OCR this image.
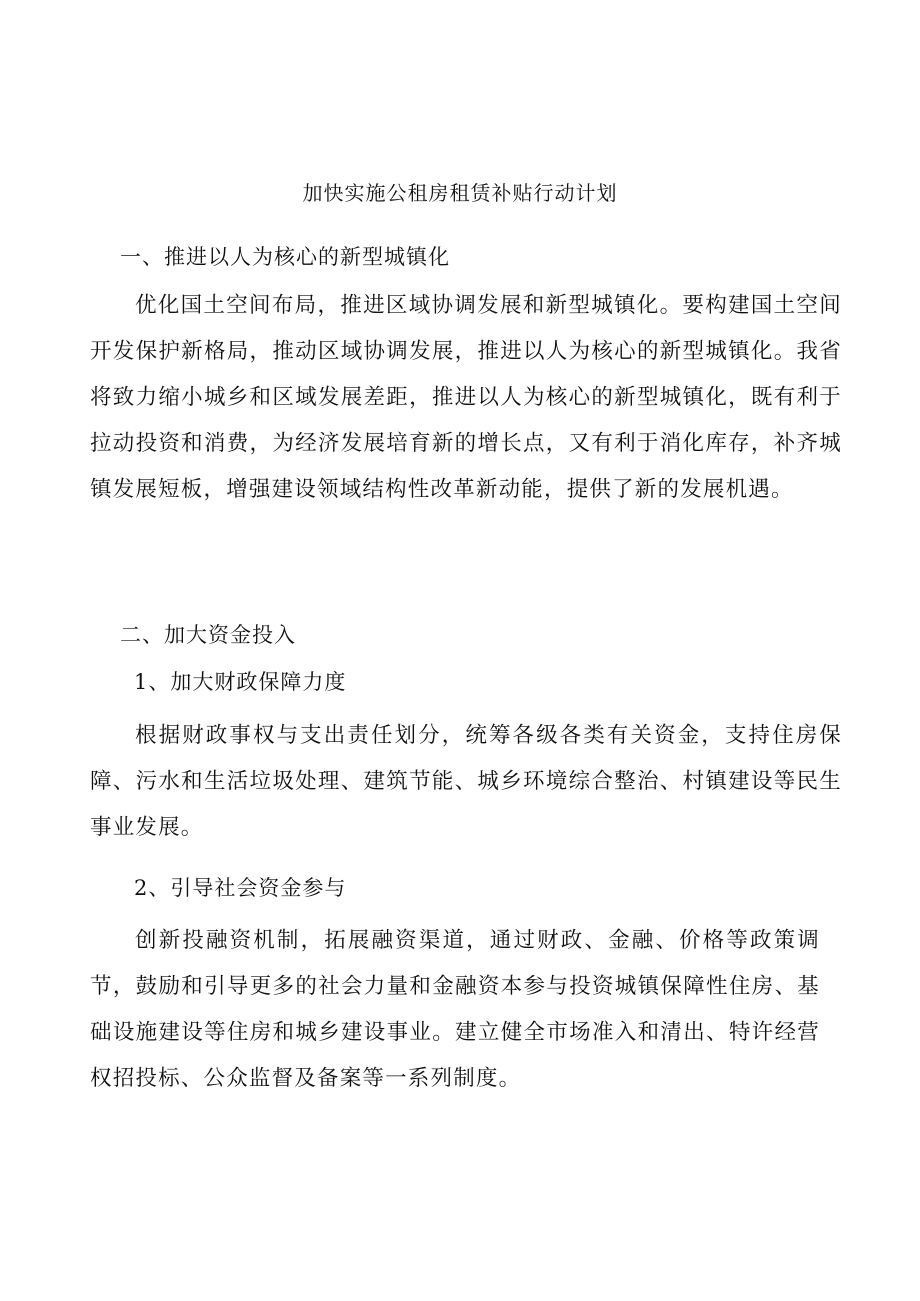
加快实施公租房租赁补贴行动计划
一、推进以人为核心的新型城镇化

优化国土空间布局，推进区域协调发展和新型城镇化。要构建国土空间开发保护新格局，推动区域协调发展，推进以人为核心的新型城镇化。我省将致力缩小城乡和区域发展差距，推进以人为核心的新型城镇化，既有利于拉动投资和消费，为经济发展培育新的增长点，又有利于消化库存，补齐城镇发展短板，增强建设领域结构性改革新动能，提供了新的发展机遇。

二、加大资金投入
1、加大财政保障力度

根据财政事权与支出责任划分，统筹各级各类有关资金，支持住房保障、污水和生活垃圾处理、建筑节能、城乡环境综合整治、村镇建设等民生事业发展。

2、引导社会资金参与

创新投融资机制，拓展融资渠道，通过财政、金融、价格等政策调节，鼓励和引导更多的社会力量和金融资本参与投资城镇保障性住房、基础设施建设等住房和城乡建设事业。建立健全市场准入和清出、特许经营权招投标、公众监督及备案等一系列制度。
